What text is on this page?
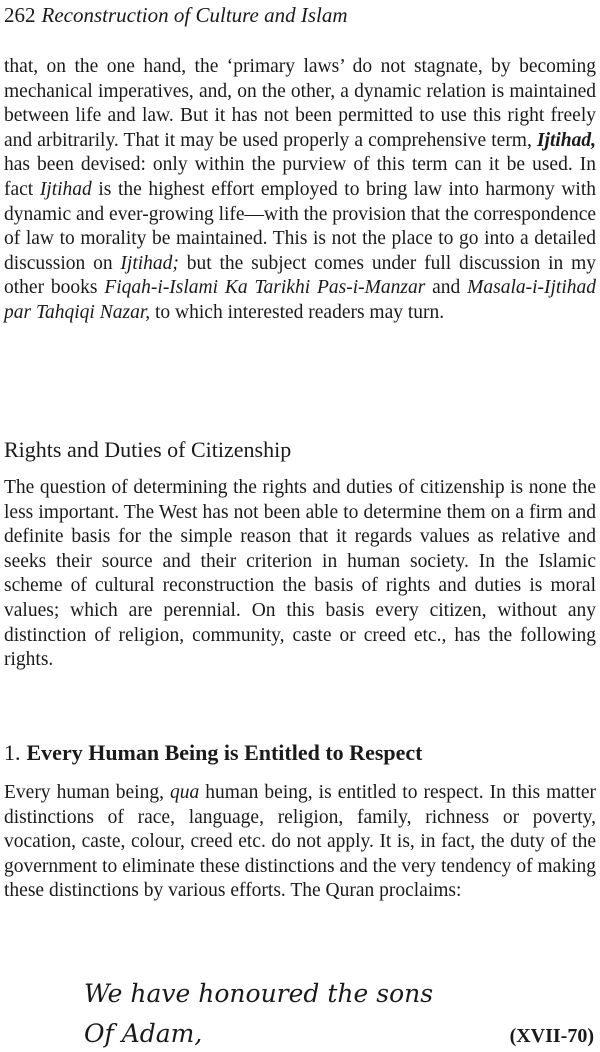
262 Reconstruction of Culture and Islam

that, on the one hand, the ‘primary laws’ do not stagnate, by becoming mechanical imperatives, and, on the other, a dynamic relation is maintained between life and law. But it has not been permitted to use this right freely and arbitrarily. That it may be used properly a comprehensive term, Ijtihad, has been devised: only within the purview of this term can it be used. In fact Ijtihad is the highest effort employed to bring law into harmony with dynamic and ever-growing life—with the provision that the correspondence of law to morality be maintained. This is not the place to go into a detailed discussion on Ijtihad; but the subject comes under full discussion in my other books Fiqah-i-Islami Ka Tarikhi Pas-i-Manzar and Masala-i-Ijtihad par Tahqiqi Nazar, to which interested readers may turn.

Rights and Duties of Citizenship

The question of determining the rights and duties of citizenship is none the less important. The West has not been able to determine them on a firm and definite basis for the simple reason that it regards values as relative and seeks their source and their criterion in human society. In the Islamic scheme of cultural reconstruction the basis of rights and duties is moral values; which are perennial. On this basis every citizen, without any distinction of religion, community, caste or creed etc., has the following rights.

1. Every Human Being is Entitled to Respect

Every human being, qua human being, is entitled to respect. In this matter distinctions of race, language, religion, family, richness or poverty, vocation, caste, colour, creed etc. do not apply. It is, in fact, the duty of the government to eliminate these distinctions and the very tendency of making these distinctions by various efforts. The Quran proclaims:

We have honoured the sons
Of Adam,	(XVII-70)
